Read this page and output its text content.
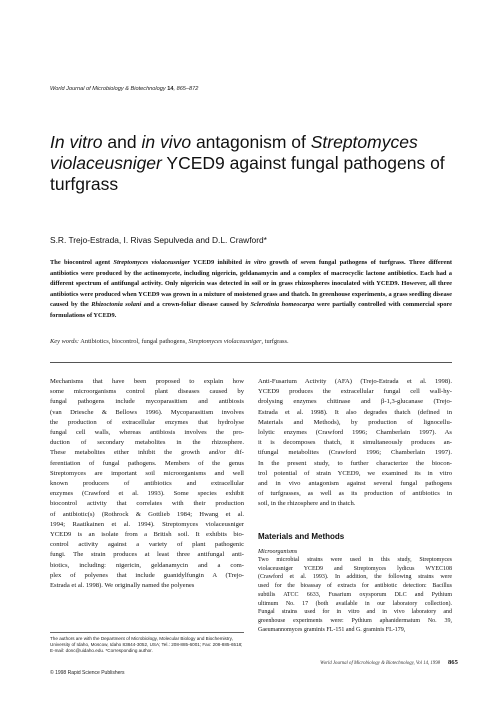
World Journal of Microbiology & Biotechnology 14, 865–872
In vitro and in vivo antagonism of Streptomyces
violaceusniger YCED9 against fungal pathogens of turfgrass
S.R. Trejo-Estrada, I. Rivas Sepulveda and D.L. Crawford*
The biocontrol agent Streptomyces violaceusniger YCED9 inhibited in vitro growth of seven fungal pathogens of turfgrass. Three different antibiotics were produced by the actinomycete, including nigericin, geldanamycin and a complex of macrocyclic lactone antibiotics. Each had a different spectrum of antifungal activity. Only nigericin was detected in soil or in grass rhizospheres inoculated with YCED9. However, all three antibiotics were produced when YCED9 was grown in a mixture of moistened grass and thatch. In greenhouse experiments, a grass seedling disease caused by the Rhizoctonia solani and a crown-foliar disease caused by Sclerotinia homeocarpa were partially controlled with commercial spore formulations of YCED9.
Key words: Antibiotics, biocontrol, fungal pathogens, Streptomyces violaceusniger, turfgrass.
Mechanisms that have been proposed to explain how
some microorganisms control plant diseases caused by
fungal pathogens include mycoparasitism and antibiosis
(van Driesche & Bellows 1996). Mycoparasitism involves
the production of extracellular enzymes that hydrolyse
fungal cell walls, whereas antibiosis involves the pro-
duction of secondary metabolites in the rhizosphere.
These metabolites either inhibit the growth and/or dif-
ferentiation of fungal pathogens. Members of the genus
Streptomyces are important soil microorganisms and well
known producers of antibiotics and extracellular
enzymes (Crawford et al. 1993). Some species exhibit
biocontrol activity that correlates with their production
of antibiotic(s) (Rothrock & Gottlieb 1984; Hwang et al.
1994; Raatikainen et al. 1994). Streptomyces violaceusniger
YCED9 is an isolate from a British soil. It exhibits bio-
control activity against a variety of plant pathogenic
fungi. The strain produces at least three antifungal anti-
biotics, including: nigericin, geldanamycin and a com-
plex of polyenes that include guanidylfungin A (Trejo-
Estrada et al. 1998). We originally named the polyenes
Anti-Fusarium Activity (AFA) (Trejo-Estrada et al. 1998).
YCED9 produces the extracellular fungal cell wall-hy-
drolysing enzymes chitinase and β-1,3-glucanase (Trejo-
Estrada et al. 1998). It also degrades thatch (defined in
Materials and Methods), by production of lignocellu-
lolytic enzymes (Crawford 1996; Chamberlain 1997). As
it is decomposes thatch, it simultaneously produces an-
tifungal metabolites (Crawford 1996; Chamberlain 1997).
In the present study, to further characterize the biocon-
trol potential of strain YCED9, we examined its in vitro
and in vivo antagonism against several fungal pathogens
of turfgrasses, as well as its production of antibiotics in
soil, in the rhizosphere and in thatch.
Materials and Methods
Microorganisms
Two microbial strains were used in this study, Streptomyces
violaceusniger YCED9 and Streptomyces lydicus WYEC108
(Crawford et al. 1993). In addition, the following strains were
used for the bioassay of extracts for antibiotic detection: Bacillus
subtilis ATCC 6633, Fusarium oxysporum DLC and Pythium
ultimum No. 17 (both available in our laboratory collection).
Fungal strains used for in vitro and in vivo laboratory and
greenhouse experiments were: Pythium aphanidermatum No. 39,
Gaeumannomyces graminis FL-151 and G. graminis FL-179,
The authors are with the Department of Microbiology, Molecular Biology and Biochemistry, University of Idaho, Moscow, Idaho 83844-3052, USA; Tel.: 208-885-6001; Fax: 208-885-6518; E-mail: donc@uidaho.edu. *Corresponding author.
© 1998 Rapid Science Publishers
World Journal of Microbiology & Biotechnology, Vol 14, 1998 865
